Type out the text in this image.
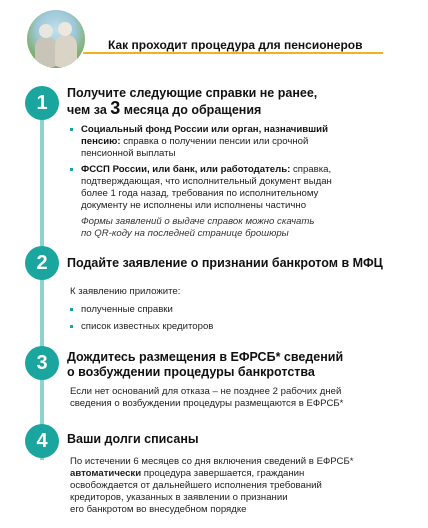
Как проходит процедура для пенсионеров
1	Получите следующие справки не ранее,
чем за 3 месяца до обращения
Социальный фонд России или орган, назначивший
пенсию: справка о получении пенсии или срочной
пенсионной выплаты
ФССП России, или банк, или работодатель: справка,
подтверждающая, что исполнительный документ выдан
более 1 года назад, требования по исполнительному
документу не исполнены или исполнены частично
Формы заявлений о выдаче справок можно скачать
по QR-коду на последней странице брошюры
2	Подайте заявление о признании банкротом в МФЦ
К заявлению приложите:
полученные справки
список известных кредиторов
3	Дождитесь размещения в ЕФРСБ* сведений
о возбуждении процедуры банкротства
Если нет оснований для отказа – не позднее 2 рабочих дней
сведения о возбуждении процедуры размещаются в ЕФРСБ*
4	Ваши долги списаны
По истечении 6 месяцев со дня включения сведений в ЕФРСБ*
автоматически процедура завершается, гражданин
освобождается от дальнейшего исполнения требований
кредиторов, указанных в заявлении о признании
его банкротом во внесудебном порядке
